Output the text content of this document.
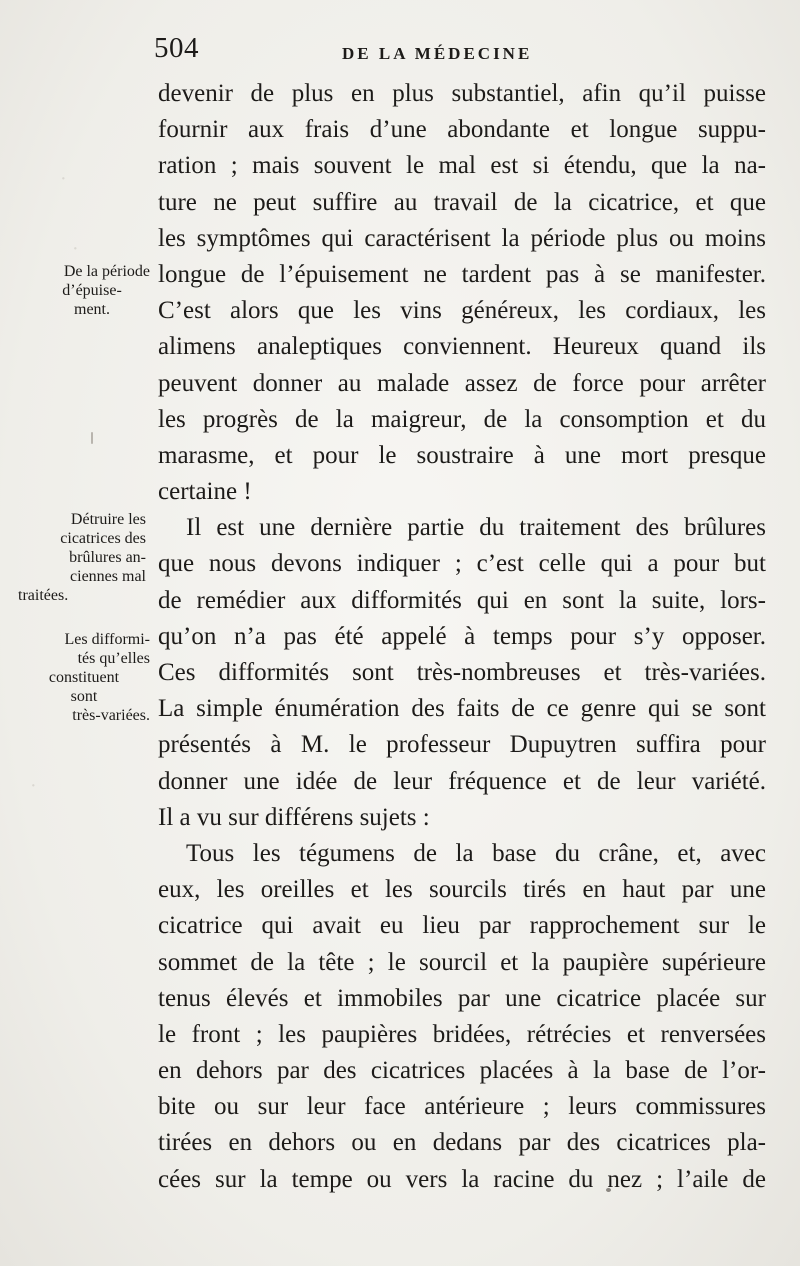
·
·
·
504	DE LA MÉDECINE
De la période
d’épuise-
ment.
Détruire les
cicatrices des
brûlures an-
ciennes mal
traitées.
Les difformi-
tés qu’elles
constituent
sont
très-variées.
devenir de plus en plus substantiel, afin qu’il puisse
fournir aux frais d’une abondante et longue suppu-
ration ; mais souvent le mal est si étendu, que la na-
ture ne peut suffire au travail de la cicatrice, et que
les symptômes qui caractérisent la période plus ou moins
longue de l’épuisement ne tardent pas à se manifester.
C’est alors que les vins généreux, les cordiaux, les
alimens analeptiques conviennent. Heureux quand ils
peuvent donner au malade assez de force pour arrêter
les progrès de la maigreur, de la consomption et du
marasme, et pour le soustraire à une mort presque
certaine !
Il est une dernière partie du traitement des brûlures
que nous devons indiquer ; c’est celle qui a pour but
de remédier aux difformités qui en sont la suite, lors-
qu’on n’a pas été appelé à temps pour s’y opposer.
Ces difformités sont très-nombreuses et très-variées.
La simple énumération des faits de ce genre qui se sont
présentés à M. le professeur Dupuytren suffira pour
donner une idée de leur fréquence et de leur variété.
Il a vu sur différens sujets :
Tous les tégumens de la base du crâne, et, avec
eux, les oreilles et les sourcils tirés en haut par une
cicatrice qui avait eu lieu par rapprochement sur le
sommet de la tête ; le sourcil et la paupière supérieure
tenus élevés et immobiles par une cicatrice placée sur
le front ; les paupières bridées, rétrécies et renversées
en dehors par des cicatrices placées à la base de l’or-
bite ou sur leur face antérieure ; leurs commissures
tirées en dehors ou en dedans par des cicatrices pla-
cées sur la tempe ou vers la racine du nez ; l’aile de
